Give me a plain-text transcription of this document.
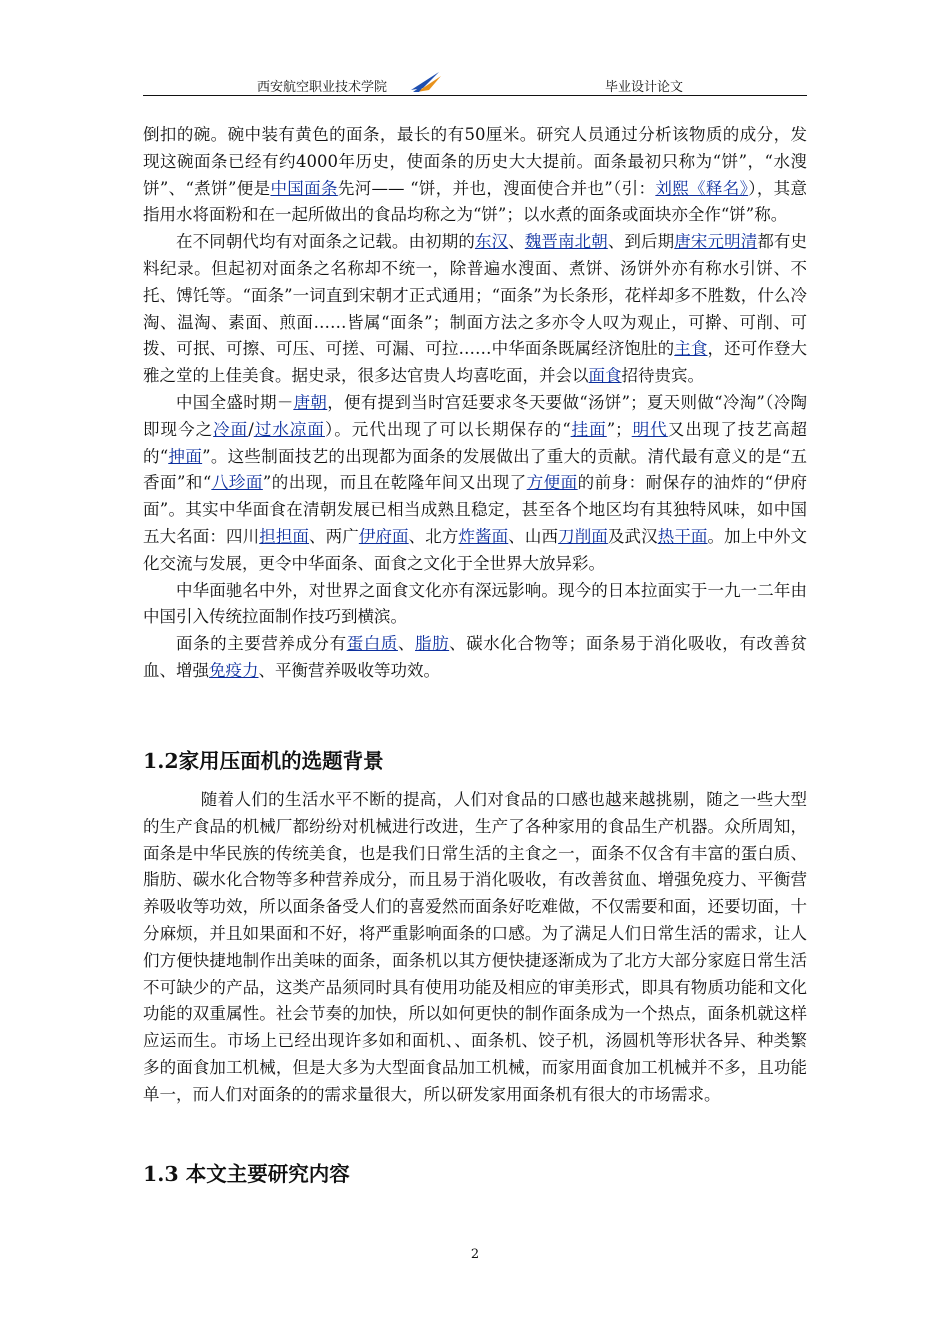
西安航空职业技术学院	毕业设计论文

倒扣的碗。碗中装有黄色的面条，最长的有50厘米。研究人员通过分析该物质的成分，发现这碗面条已经有约4000年历史，使面条的历史大大提前。面条最初只称为“饼”，“水溲饼”、“煮饼”便是中国面条先河—— “饼，并也，溲面使合并也”（引：刘熙《释名》），其意指用水将面粉和在一起所做出的食品均称之为“饼”；以水煮的面条或面块亦全作“饼”称。

在不同朝代均有对面条之记载。由初期的东汉、魏晋南北朝、到后期唐宋元明清都有史料纪录。但起初对面条之名称却不统一，除普遍水溲面、煮饼、汤饼外亦有称水引饼、不托、馎饦等。“面条”一词直到宋朝才正式通用；“面条”为长条形，花样却多不胜数，什么冷淘、温淘、素面、煎面……皆属“面条”；制面方法之多亦令人叹为观止，可擀、可削、可拨、可抿、可擦、可压、可搓、可漏、可拉……中华面条既属经济饱肚的主食，还可作登大雅之堂的上佳美食。据史录，很多达官贵人均喜吃面，并会以面食招待贵宾。

中国全盛时期－唐朝，便有提到当时宫廷要求冬天要做“汤饼”；夏天则做“冷淘”（冷陶即现今之冷面/过水凉面）。元代出现了可以长期保存的“挂面”；明代又出现了技艺高超的“抻面”。这些制面技艺的出现都为面条的发展做出了重大的贡献。清代最有意义的是“五香面”和“八珍面”的出现，而且在乾隆年间又出现了方便面的前身：耐保存的油炸的“伊府面”。其实中华面食在清朝发展已相当成熟且稳定，甚至各个地区均有其独特风味，如中国五大名面：四川担担面、两广伊府面、北方炸酱面、山西刀削面及武汉热干面。加上中外文化交流与发展，更令中华面条、面食之文化于全世界大放异彩。

中华面驰名中外，对世界之面食文化亦有深远影响。现今的日本拉面实于一九一二年由中国引入传统拉面制作技巧到横滨。

面条的主要营养成分有蛋白质、脂肪、碳水化合物等；面条易于消化吸收，有改善贫血、增强免疫力、平衡营养吸收等功效。

1.2家用压面机的选题背景

随着人们的生活水平不断的提高，人们对食品的口感也越来越挑剔，随之一些大型的生产食品的机械厂都纷纷对机械进行改进，生产了各种家用的食品生产机器。众所周知，面条是中华民族的传统美食，也是我们日常生活的主食之一，面条不仅含有丰富的蛋白质、脂肪、碳水化合物等多种营养成分，而且易于消化吸收，有改善贫血、增强免疫力、平衡营养吸收等功效，所以面条备受人们的喜爱然而面条好吃难做，不仅需要和面，还要切面，十分麻烦，并且如果面和不好，将严重影响面条的口感。为了满足人们日常生活的需求，让人们方便快捷地制作出美味的面条，面条机以其方便快捷逐渐成为了北方大部分家庭日常生活不可缺少的产品，这类产品须同时具有使用功能及相应的审美形式，即具有物质功能和文化功能的双重属性。社会节奏的加快，所以如何更快的制作面条成为一个热点，面条机就这样应运而生。市场上已经出现许多如和面机、、面条机、饺子机，汤圆机等形状各异、种类繁多的面食加工机械，但是大多为大型面食品加工机械，而家用面食加工机械并不多，且功能单一，而人们对面条的的需求量很大，所以研发家用面条机有很大的市场需求。

1.3 本文主要研究内容
2
